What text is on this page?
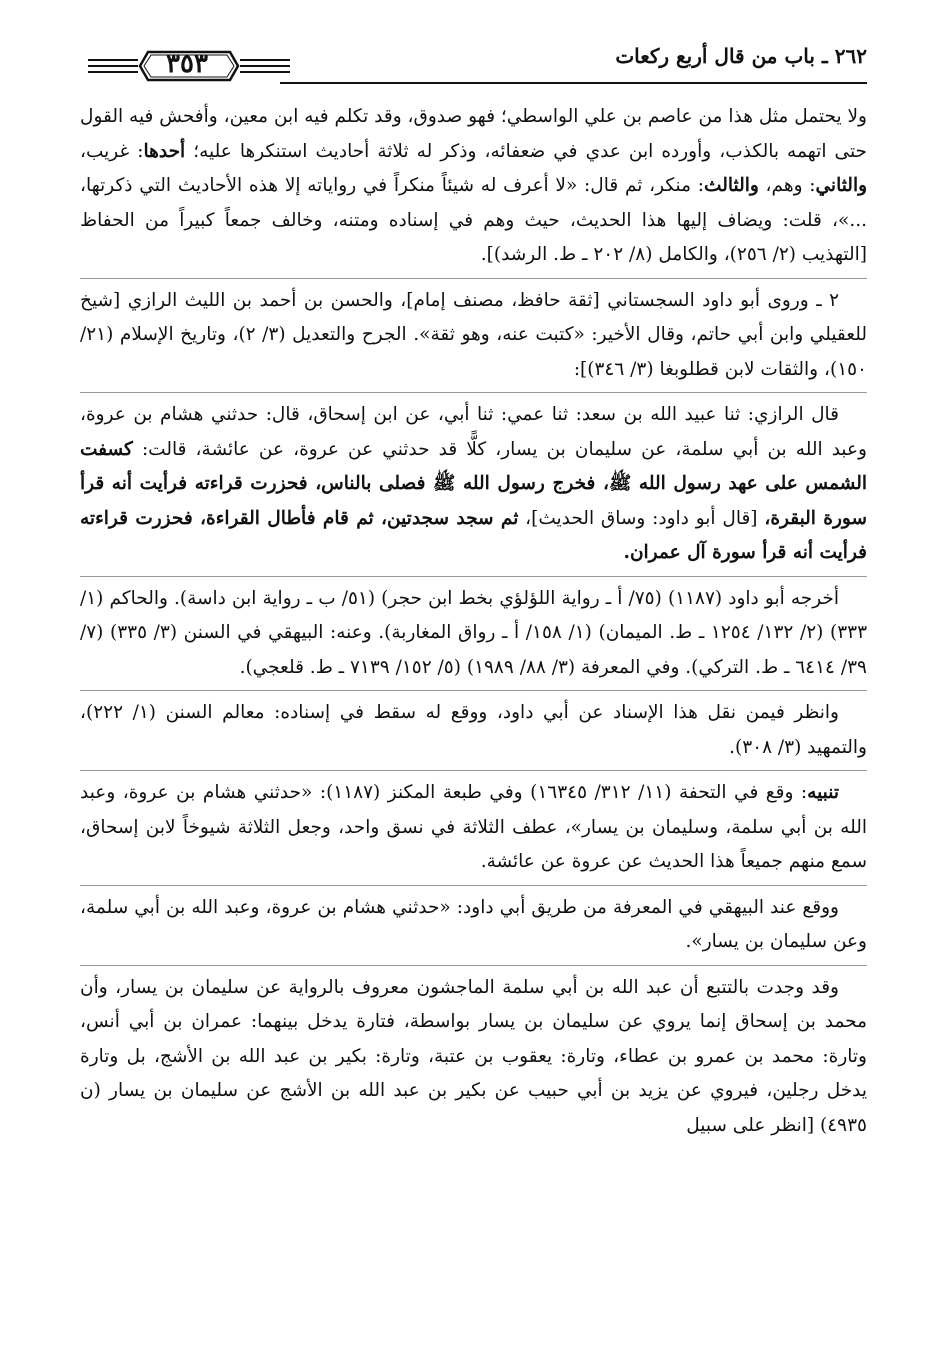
٣٥٣	٢٦٢ ـ باب من قال أربع ركعات

ولا يحتمل مثل هذا من عاصم بن علي الواسطي؛ فهو صدوق، وقد تكلم فيه ابن معين، وأفحش فيه القول حتى اتهمه بالكذب، وأورده ابن عدي في ضعفائه، وذكر له ثلاثة أحاديث استنكرها عليه؛ أحدها: غريب، والثاني: وهم، والثالث: منكر، ثم قال: «لا أعرف له شيئاً منكراً في رواياته إلا هذه الأحاديث التي ذكرتها، ...»، قلت: ويضاف إليها هذا الحديث، حيث وهم في إسناده ومتنه، وخالف جمعاً كبيراً من الحفاظ [التهذيب (٢/ ٢٥٦)، والكامل (٨/ ٢٠٢ ـ ط. الرشد)].

٢ ـ وروى أبو داود السجستاني [ثقة حافظ، مصنف إمام]، والحسن بن أحمد بن الليث الرازي [شيخ للعقيلي وابن أبي حاتم، وقال الأخير: «كتبت عنه، وهو ثقة». الجرح والتعديل (٣/ ٢)، وتاريخ الإسلام (٢١/ ١٥٠)، والثقات لابن قطلوبغا (٣/ ٣٤٦)]:

قال الرازي: ثنا عبيد الله بن سعد: ثنا عمي: ثنا أبي، عن ابن إسحاق، قال: حدثني هشام بن عروة، وعبد الله بن أبي سلمة، عن سليمان بن يسار، كلًّا قد حدثني عن عروة، عن عائشة، قالت: كسفت الشمس على عهد رسول الله ﷺ، فخرج رسول الله ﷺ فصلى بالناس، فحزرت قراءته فرأيت أنه قرأ سورة البقرة، [قال أبو داود: وساق الحديث]، ثم سجد سجدتين، ثم قام فأطال القراءة، فحزرت قراءته فرأيت أنه قرأ سورة آل عمران.

أخرجه أبو داود (١١٨٧) (٧٥/ أ ـ رواية اللؤلؤي بخط ابن حجر) (٥١/ ب ـ رواية ابن داسة). والحاكم (١/ ٣٣٣) (٢/ ١٣٢/ ١٢٥٤ ـ ط. الميمان) (١/ ١٥٨/ أ ـ رواق المغاربة). وعنه: البيهقي في السنن (٣/ ٣٣٥) (٧/ ٣٩/ ٦٤١٤ ـ ط. التركي). وفي المعرفة (٣/ ٨٨/ ١٩٨٩) (٥/ ١٥٢/ ٧١٣٩ ـ ط. قلعجي).

وانظر فيمن نقل هذا الإسناد عن أبي داود، ووقع له سقط في إسناده: معالم السنن (١/ ٢٢٢)، والتمهيد (٣/ ٣٠٨).

تنبيه: وقع في التحفة (١١/ ٣١٢/ ١٦٣٤٥) وفي طبعة المكنز (١١٨٧): «حدثني هشام بن عروة، وعبد الله بن أبي سلمة، وسليمان بن يسار»، عطف الثلاثة في نسق واحد، وجعل الثلاثة شيوخاً لابن إسحاق، سمع منهم جميعاً هذا الحديث عن عروة عن عائشة.

ووقع عند البيهقي في المعرفة من طريق أبي داود: «حدثني هشام بن عروة، وعبد الله بن أبي سلمة، وعن سليمان بن يسار».

وقد وجدت بالتتبع أن عبد الله بن أبي سلمة الماجشون معروف بالرواية عن سليمان بن يسار، وأن محمد بن إسحاق إنما يروي عن سليمان بن يسار بواسطة، فتارة يدخل بينهما: عمران بن أبي أنس، وتارة: محمد بن عمرو بن عطاء، وتارة: يعقوب بن عتبة، وتارة: بكير بن عبد الله بن الأشج، بل وتارة يدخل رجلين، فيروي عن يزيد بن أبي حبيب عن بكير بن عبد الله بن الأشج عن سليمان بن يسار (ن ٤٩٣٥) [انظر على سبيل
